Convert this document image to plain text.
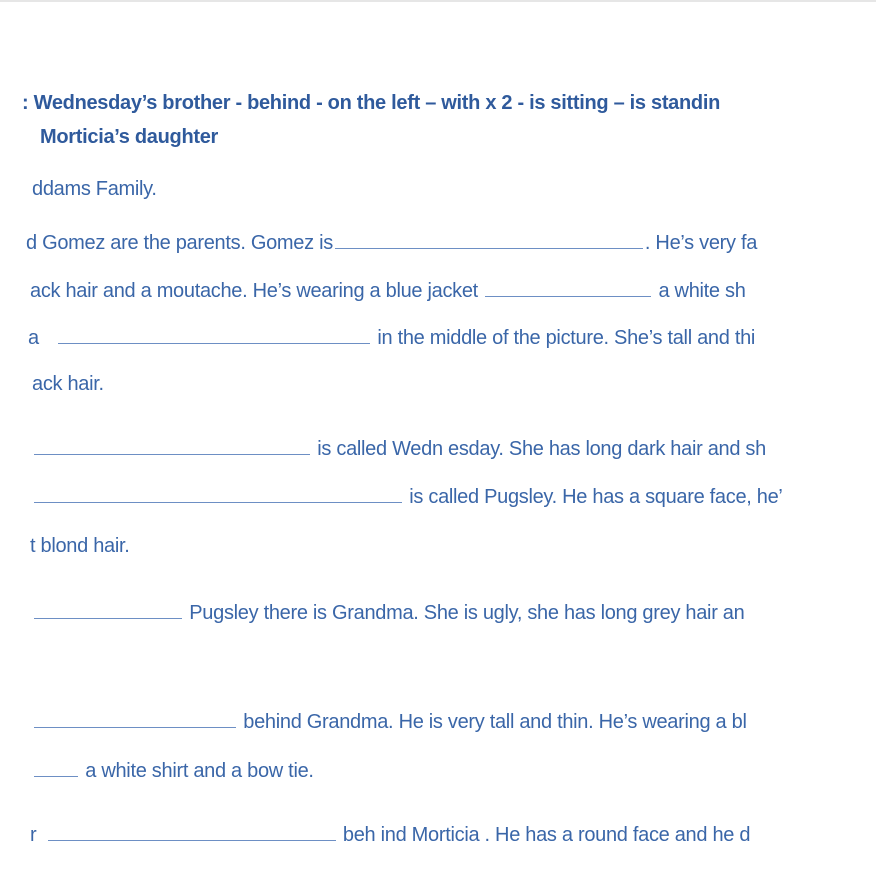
: Wednesday’s brother - behind - on the left – with x 2 - is sitting – is standin
Morticia’s daughter
ddams Family.
d Gomez are the parents. Gomez is	. He’s very fa
ack hair and a moutache. He’s wearing a blue jacket	a white sh
a	in the middle of the picture. She’s tall and thi
ack hair.
is called Wedn esday. She has long dark hair and sh
is called Pugsley. He has a square face, he’
t blond hair.
Pugsley there is Grandma. She is ugly, she has long grey hair an
behind Grandma. He is very tall and thin. He’s wearing a bl
a white shirt and a bow tie.
r	beh ind Morticia . He has a round face and he d
